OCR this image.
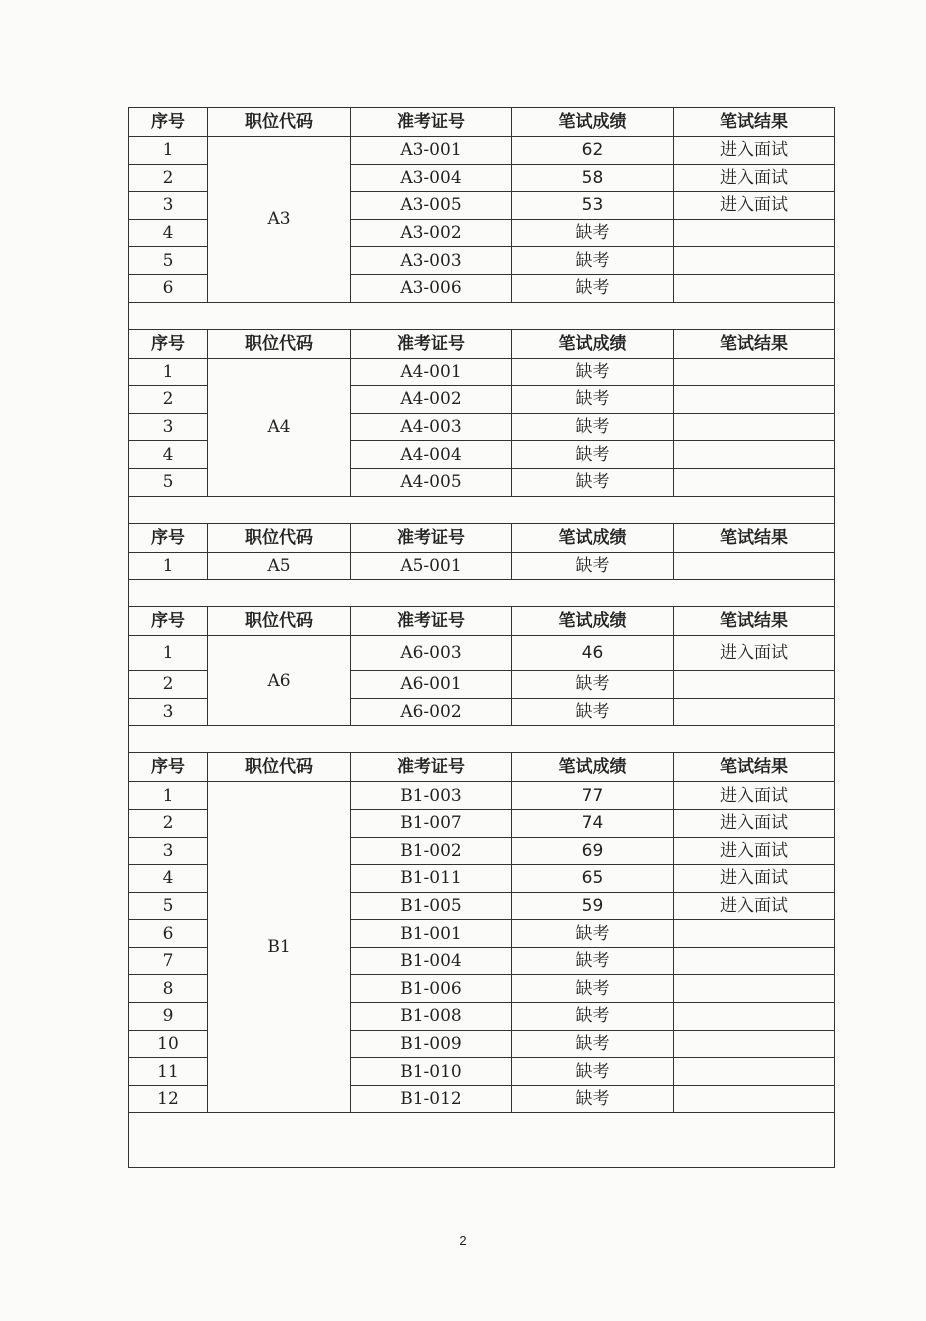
序号	职位代码	准考证号	笔试成绩	笔试结果
1	A3	A3-001	62	进入面试
2		A3-004	58	进入面试
3		A3-005	53	进入面试
4		A3-002	缺考	
5		A3-003	缺考	
6		A3-006	缺考	

序号	职位代码	准考证号	笔试成绩	笔试结果
1	A4	A4-001	缺考	
2		A4-002	缺考	
3		A4-003	缺考	
4		A4-004	缺考	
5		A4-005	缺考	

序号	职位代码	准考证号	笔试成绩	笔试结果
1	A5	A5-001	缺考	

序号	职位代码	准考证号	笔试成绩	笔试结果
1	A6	A6-003	46	进入面试
2		A6-001	缺考	
3		A6-002	缺考	

序号	职位代码	准考证号	笔试成绩	笔试结果
1	B1	B1-003	77	进入面试
2		B1-007	74	进入面试
3		B1-002	69	进入面试
4		B1-011	65	进入面试
5		B1-005	59	进入面试
6		B1-001	缺考	
7		B1-004	缺考	
8		B1-006	缺考	
9		B1-008	缺考	
10		B1-009	缺考	
11		B1-010	缺考	
12		B1-012	缺考	

2
